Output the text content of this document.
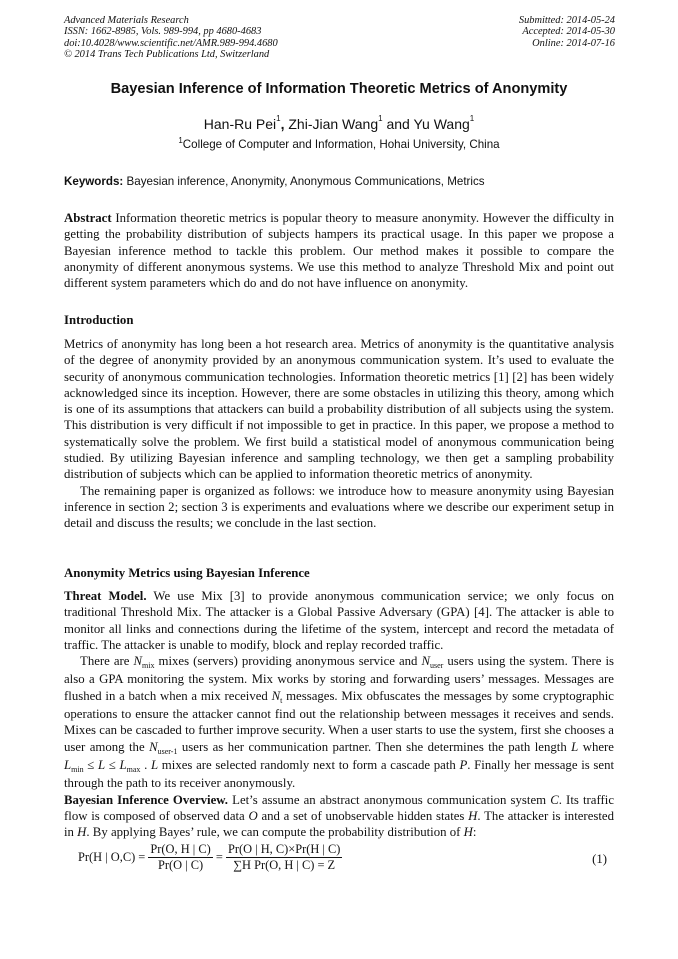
Advanced Materials Research
ISSN: 1662-8985, Vols. 989-994, pp 4680-4683
doi:10.4028/www.scientific.net/AMR.989-994.4680
© 2014 Trans Tech Publications Ltd, Switzerland
Submitted: 2014-05-24
Accepted: 2014-05-30
Online: 2014-07-16
Bayesian Inference of Information Theoretic Metrics of Anonymity
Han-Ru Pei$^1$, Zhi-Jian Wang$^1$ and Yu Wang$^1$
$^1$College of Computer and Information, Hohai University, China
Keywords: Bayesian inference, Anonymity, Anonymous Communications, Metrics

Abstract Information theoretic metrics is popular theory to measure anonymity. However the difficulty in getting the probability distribution of subjects hampers its practical usage. In this paper we propose a Bayesian inference method to tackle this problem. Our method makes it possible to compare the anonymity of different anonymous systems. We use this method to analyze Threshold Mix and point out different system parameters which do and do not have influence on anonymity.

Introduction

Metrics of anonymity has long been a hot research area. Metrics of anonymity is the quantitative analysis of the degree of anonymity provided by an anonymous communication system. It’s used to evaluate the security of anonymous communication technologies. Information theoretic metrics [1] [2] has been widely acknowledged since its inception. However, there are some obstacles in utilizing this theory, among which is one of its assumptions that attackers can build a probability distribution of all subjects using the system. This distribution is very difficult if not impossible to get in practice. In this paper, we propose a method to systematically solve the problem. We first build a statistical model of anonymous communication being studied. By utilizing Bayesian inference and sampling technology, we then get a sampling probability distribution of subjects which can be applied to information theoretic metrics of anonymity.

The remaining paper is organized as follows: we introduce how to measure anonymity using Bayesian inference in section 2; section 3 is experiments and evaluations where we describe our experiment setup in detail and discuss the results; we conclude in the last section.

Anonymity Metrics using Bayesian Inference

Threat Model. We use Mix [3] to provide anonymous communication service; we only focus on traditional Threshold Mix. The attacker is a Global Passive Adversary (GPA) [4]. The attacker is able to monitor all links and connections during the lifetime of the system, intercept and record the metadata of traffic. The attacker is unable to modify, block and replay recorded traffic.

There are $N_{mix}$ mixes (servers) providing anonymous service and $N_{user}$ users using the system. There is also a GPA monitoring the system. Mix works by storing and forwarding users’ messages. Messages are flushed in a batch when a mix received $N_t$ messages. Mix obfuscates the messages by some cryptographic operations to ensure the attacker cannot find out the relationship between messages it receives and sends. Mixes can be cascaded to further improve security. When a user starts to use the system, first she chooses a user among the $N_{user-1}$ users as her communication partner. Then she determines the path length L where $L_{min} \le L \le L_{max}$ . L mixes are selected randomly next to form a cascade path P. Finally her message is sent through the path to its receiver anonymously.

Bayesian Inference Overview. Let’s assume an abstract anonymous communication system C. Its traffic flow is composed of observed data O and a set of unobservable hidden states H. The attacker is interested in H. By applying Bayes’ rule, we can compute the probability distribution of H:

Pr(H | $O,C) = \frac{Pr(O, H | C)}{Pr(O | C)} = \frac{Pr(O | H, C)\times Pr(H | C)}{\text{∑H Pr(O, H | C) = Z}}$	(1)
